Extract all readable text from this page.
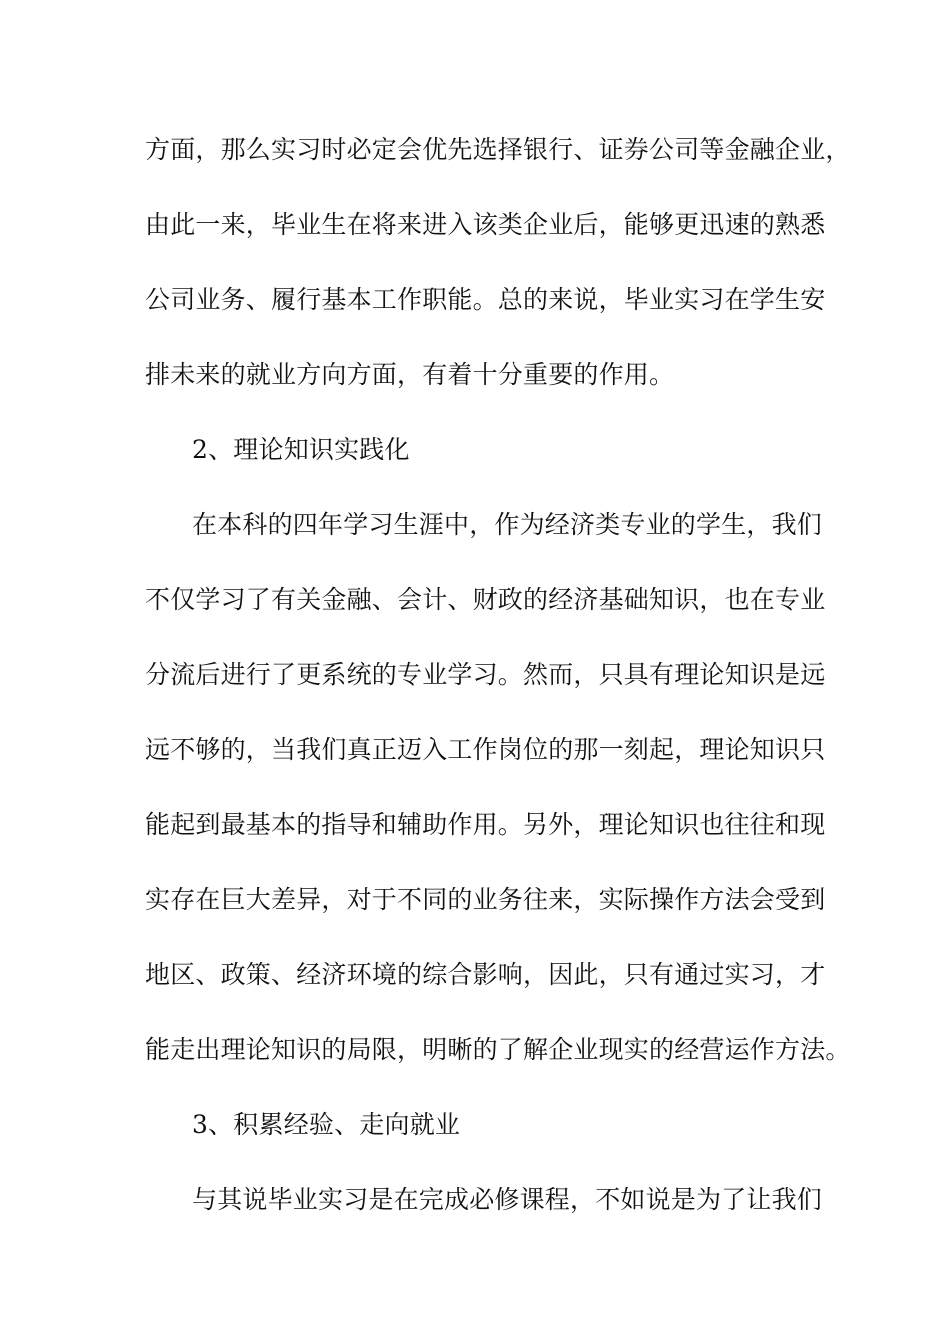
方面，那么实习时必定会优先选择银行、证券公司等金融企业，
由此一来，毕业生在将来进入该类企业后，能够更迅速的熟悉
公司业务、履行基本工作职能。总的来说，毕业实习在学生安
排未来的就业方向方面，有着十分重要的作用。
2、理论知识实践化
在本科的四年学习生涯中，作为经济类专业的学生，我们
不仅学习了有关金融、会计、财政的经济基础知识，也在专业
分流后进行了更系统的专业学习。然而，只具有理论知识是远
远不够的，当我们真正迈入工作岗位的那一刻起，理论知识只
能起到最基本的指导和辅助作用。另外，理论知识也往往和现
实存在巨大差异，对于不同的业务往来，实际操作方法会受到
地区、政策、经济环境的综合影响，因此，只有通过实习，才
能走出理论知识的局限，明晰的了解企业现实的经营运作方法。
3、积累经验、走向就业
与其说毕业实习是在完成必修课程，不如说是为了让我们
